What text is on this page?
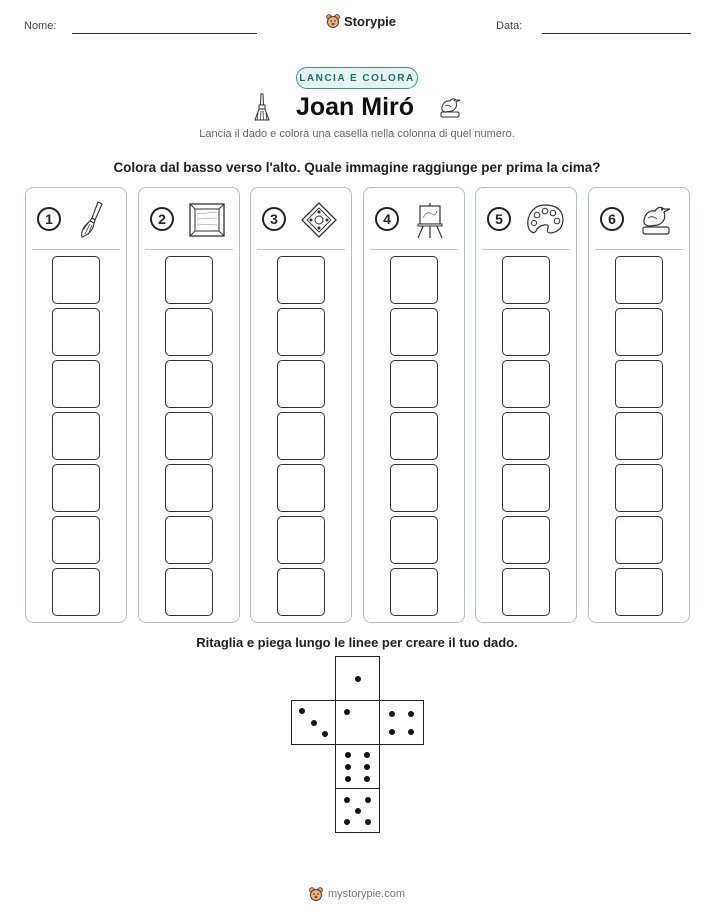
Nome:	Storypie	Data:
LANCIA E COLORA
Joan Miró
Lancia il dado e colora una casella nella colonna di quel numero.
Colora dal basso verso l'alto. Quale immagine raggiunge per prima la cima?
1	2	3	4	5	6
Ritaglia e piega lungo le linee per creare il tuo dado.
mystorypie.com
